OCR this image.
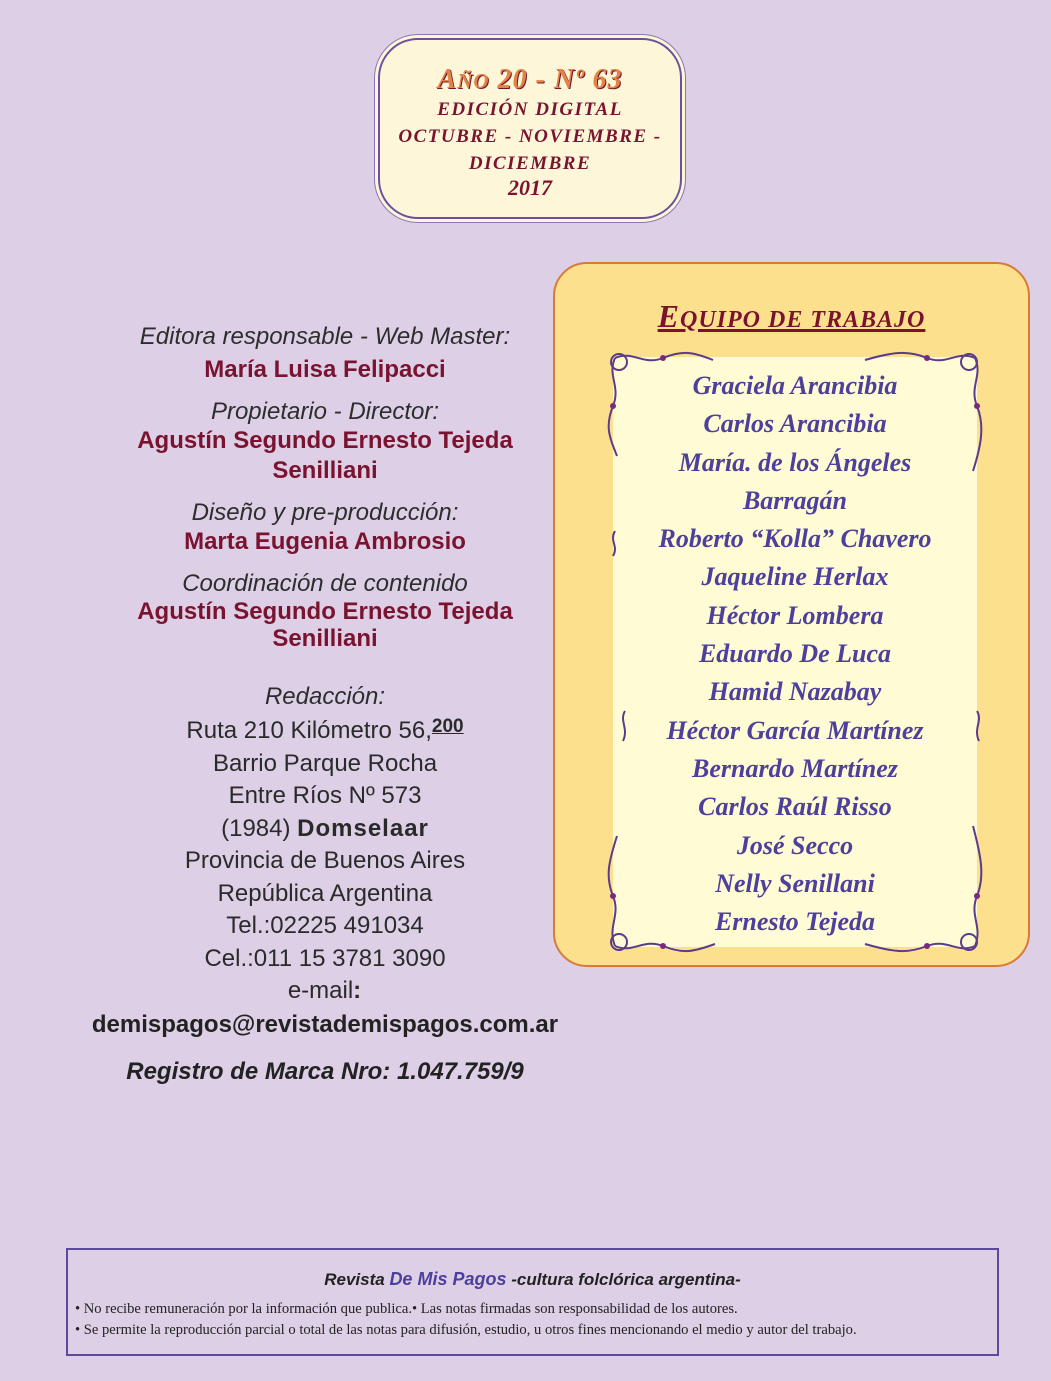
AÑO 20 - Nº 63
EDICIÓN DIGITAL
OCTUBRE - NOVIEMBRE -
DICIEMBRE
2017
Editora responsable - Web Master:
María Luisa Felipacci
Propietario - Director:
Agustín Segundo Ernesto Tejeda
Senilliani
Diseño y pre-producción:
Marta Eugenia Ambrosio
Coordinación de contenido
Agustín Segundo Ernesto Tejeda
Senilliani
Redacción:
Ruta 210 Kilómetro 56,$^{200}$
Barrio Parque Rocha
Entre Ríos Nº 573
(1984) Domselaar
Provincia de Buenos Aires
República Argentina
Tel.:02225 491034
Cel.:011 15 3781 3090
e-mail:
demispagos@revistademispagos.com.ar
Registro de Marca Nro: 1.047.759/9
EQUIPO DE TRABAJO
Graciela Arancibia
Carlos Arancibia
María. de los Ángeles
Barragán
Roberto “Kolla” Chavero
Jaqueline Herlax
Héctor Lombera
Eduardo De Luca
Hamid Nazabay
Héctor García Martínez
Bernardo Martínez
Carlos Raúl Risso
José Secco
Nelly Senillani
Ernesto Tejeda
Revista De Mis Pagos -cultura folclórica argentina-
• No recibe remuneración por la información que publica.• Las notas firmadas son responsabilidad de los autores.
• Se permite la reproducción parcial o total de las notas para difusión, estudio, u otros fines mencionando el medio y autor del trabajo.
